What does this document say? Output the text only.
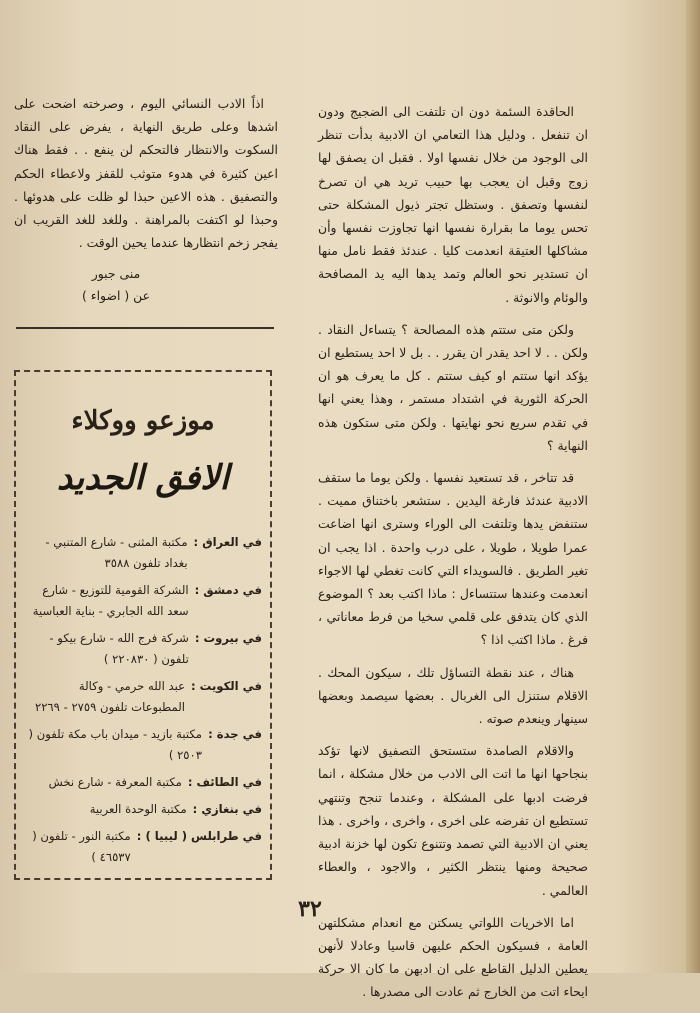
الحاقدة السئمة دون ان تلتفت الى الضجيج ودون ان تنفعل . ودليل هذا التعامي ان الادبية بدأت تنظر الى الوجود من خلال نفسها اولا . فقبل ان يصفق لها زوج وقبل ان يعجب بها حبيب تريد هي ان تصرخ لنفسها وتصفق . وستظل تجتر ذيول المشكلة حتى تحس يوما ما بقرارة نفسها انها تجاوزت نفسها وأن مشاكلها العتيقة انعدمت كليا . عندئذ فقط نامل منها ان تستدير نحو العالم وتمد يدها اليه يد المصافحة والوئام والانوثة .

ولكن متى ستتم هذه المصالحة ؟ يتساءل النقاد . ولكن . . لا احد يقدر ان يقرر . . بل لا احد يستطيع ان يؤكد انها ستتم او كيف ستتم . كل ما يعرف هو ان الحركة الثورية في اشتداد مستمر ، وهذا يعني انها في تقدم سريع نحو نهايتها . ولكن متى ستكون هذه النهاية ؟

قد تتاخر ، قد تستعيد نفسها . ولكن يوما ما ستقف الادبية عندئذ فارغة اليدين . ستشعر باختناق مميت . ستنفض يدها وتلتفت الى الوراء وسترى انها اضاعت عمرا طويلا ، طويلا ، على درب واحدة . اذا يجب ان تغير الطريق . فالسويداء التي كانت تغطي لها الاجواء انعدمت وعندها ستتساءل : ماذا اكتب بعد ؟ الموضوع الذي كان يتدفق على قلمي سخيا من فرط معاناتي ، فرغ . ماذا اكتب اذا ؟

هناك ، عند نقطة التساؤل تلك ، سيكون المحك . الاقلام ستنزل الى الغربال . بعضها سيصمد وبعضها سينهار وينعدم صوته .

والاقلام الصامدة ستستحق التصفيق لانها تؤكد بنجاحها انها ما اتت الى الادب من خلال مشكلة ، انما فرضت ادبها على المشكلة ، وعندما تنجح وتنتهي تستطيع ان تفرضه على اخرى ، واخرى ، واخرى . هذا يعني ان الادبية التي تصمد وتتنوع تكون لها خزنة ادبية صحيحة ومنها ينتظر الكثير ، والاجود ، والعطاء العالمي .

اما الاخريات اللواتي يسكتن مع انعدام مشكلتهن العامة ، فسيكون الحكم عليهن قاسيا وعادلا لأنهن يعطين الدليل القاطع على ان ادبهن ما كان الا حركة ايحاء اتت من الخارج ثم عادت الى مصدرها .

اذاً الادب النسائي اليوم ، وصرخته اضحت على اشدها وعلى طريق النهاية ، يفرض على النقاد السكوت والانتظار فالتحكم لن ينفع . . فقط هناك اعين كثيرة في هدوء متوثب للقفز ولاعطاء الحكم والتصفيق . هذه الاعين حبذا لو ظلت على هدوئها . وحبذا لو اكتفت بالمراهنة . وللغد للغد القريب ان يفجر زخم انتظارها عندما يحين الوقت .

منى جبور
عن ( اضواء )
موزعو ووكلاء
الافق الجديد
في العراق :
مكتبة المثنى - شارع المتنبي - بغداد تلفون ٣٥٨٨
في دمشق :
الشركة القومية للتوزيع - شارع سعد الله الجابري - بناية العباسية
في بيروت :
شركة فرج الله - شارع بيكو - تلفون ( ٢٢٠٨٣٠ )
في الكويت :
عبد الله حرمي - وكالة المطبوعات تلفون ٢٧٥٩ - ٢٢٦٩
في جدة :
مكتبة بازيد - ميدان باب مكة تلفون ( ٢٥٠٣ )
في الطائف :
مكتبة المعرفة - شارع نخش
في بنغازي :
مكتبة الوحدة العربية
في طرابلس ( ليبيا ) :
مكتبة النور - تلفون ( ٤٦٥٣٧ )
٣٢
